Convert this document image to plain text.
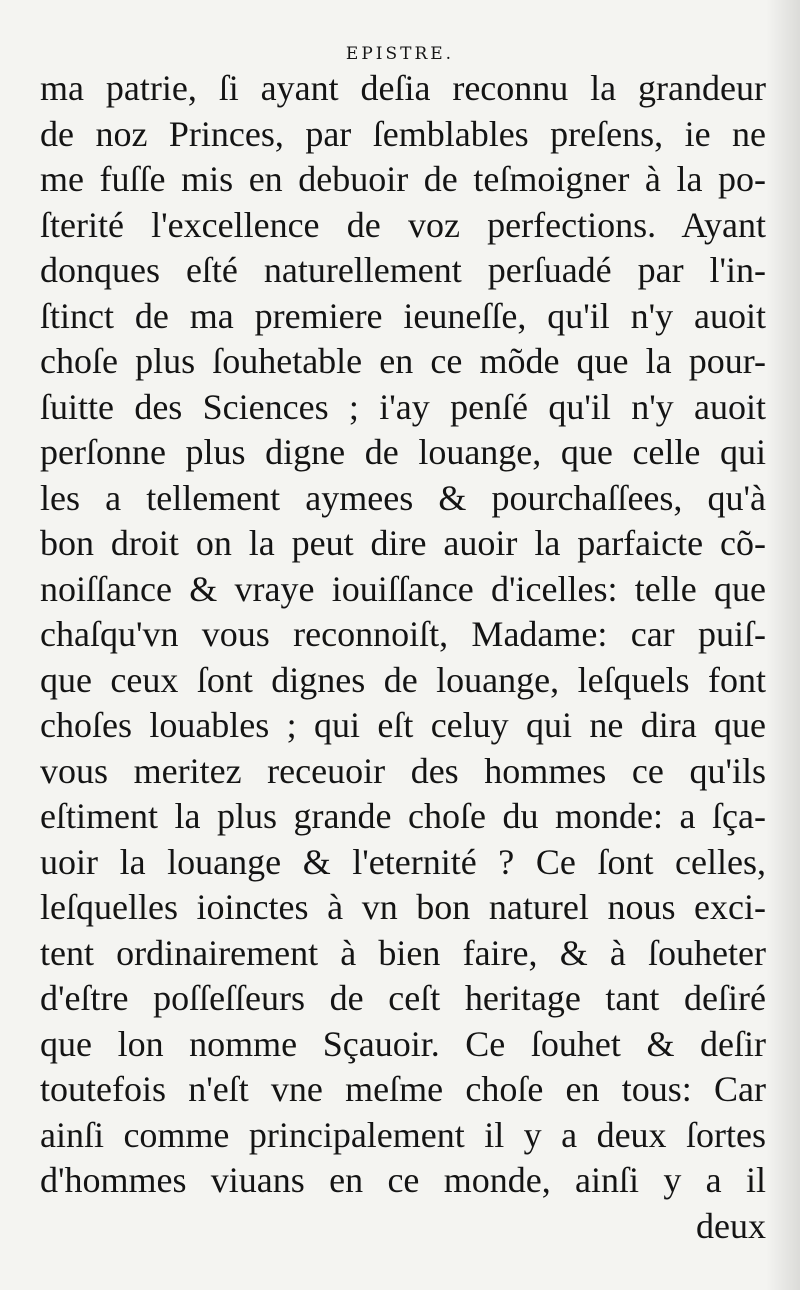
EPISTRE.

ma patrie, ſi ayant deſia reconnu la grandeur
de noz Princes, par ſemblables preſens, ie ne
me fuſſe mis en debuoir de teſmoigner à la po-
ſterité l'excellence de voz perfections. Ayant
donques eſté naturellement perſuadé par l'in-
ſtinct de ma premiere ieuneſſe, qu'il n'y auoit
choſe plus ſouhetable en ce mõde que la pour-
ſuitte des Sciences ; i'ay penſé qu'il n'y auoit
perſonne plus digne de louange, que celle qui
les a tellement aymees & pourchaſſees, qu'à
bon droit on la peut dire auoir la parfaicte cõ-
noiſſance & vraye iouiſſance d'icelles: telle que
chaſqu'vn vous reconnoiſt, Madame: car puiſ-
que ceux ſont dignes de louange, leſquels font
choſes louables ; qui eſt celuy qui ne dira que
vous meritez receuoir des hommes ce qu'ils
eſtiment la plus grande choſe du monde: a ſça-
uoir la louange & l'eternité ? Ce ſont celles,
leſquelles ioinctes à vn bon naturel nous exci-
tent ordinairement à bien faire, & à ſouheter
d'eſtre poſſeſſeurs de ceſt heritage tant deſiré
que lon nomme Sçauoir. Ce ſouhet & deſir
toutefois n'eſt vne meſme choſe en tous: Car
ainſi comme principalement il y a deux ſortes
d'hommes viuans en ce monde, ainſi y a il
deux
